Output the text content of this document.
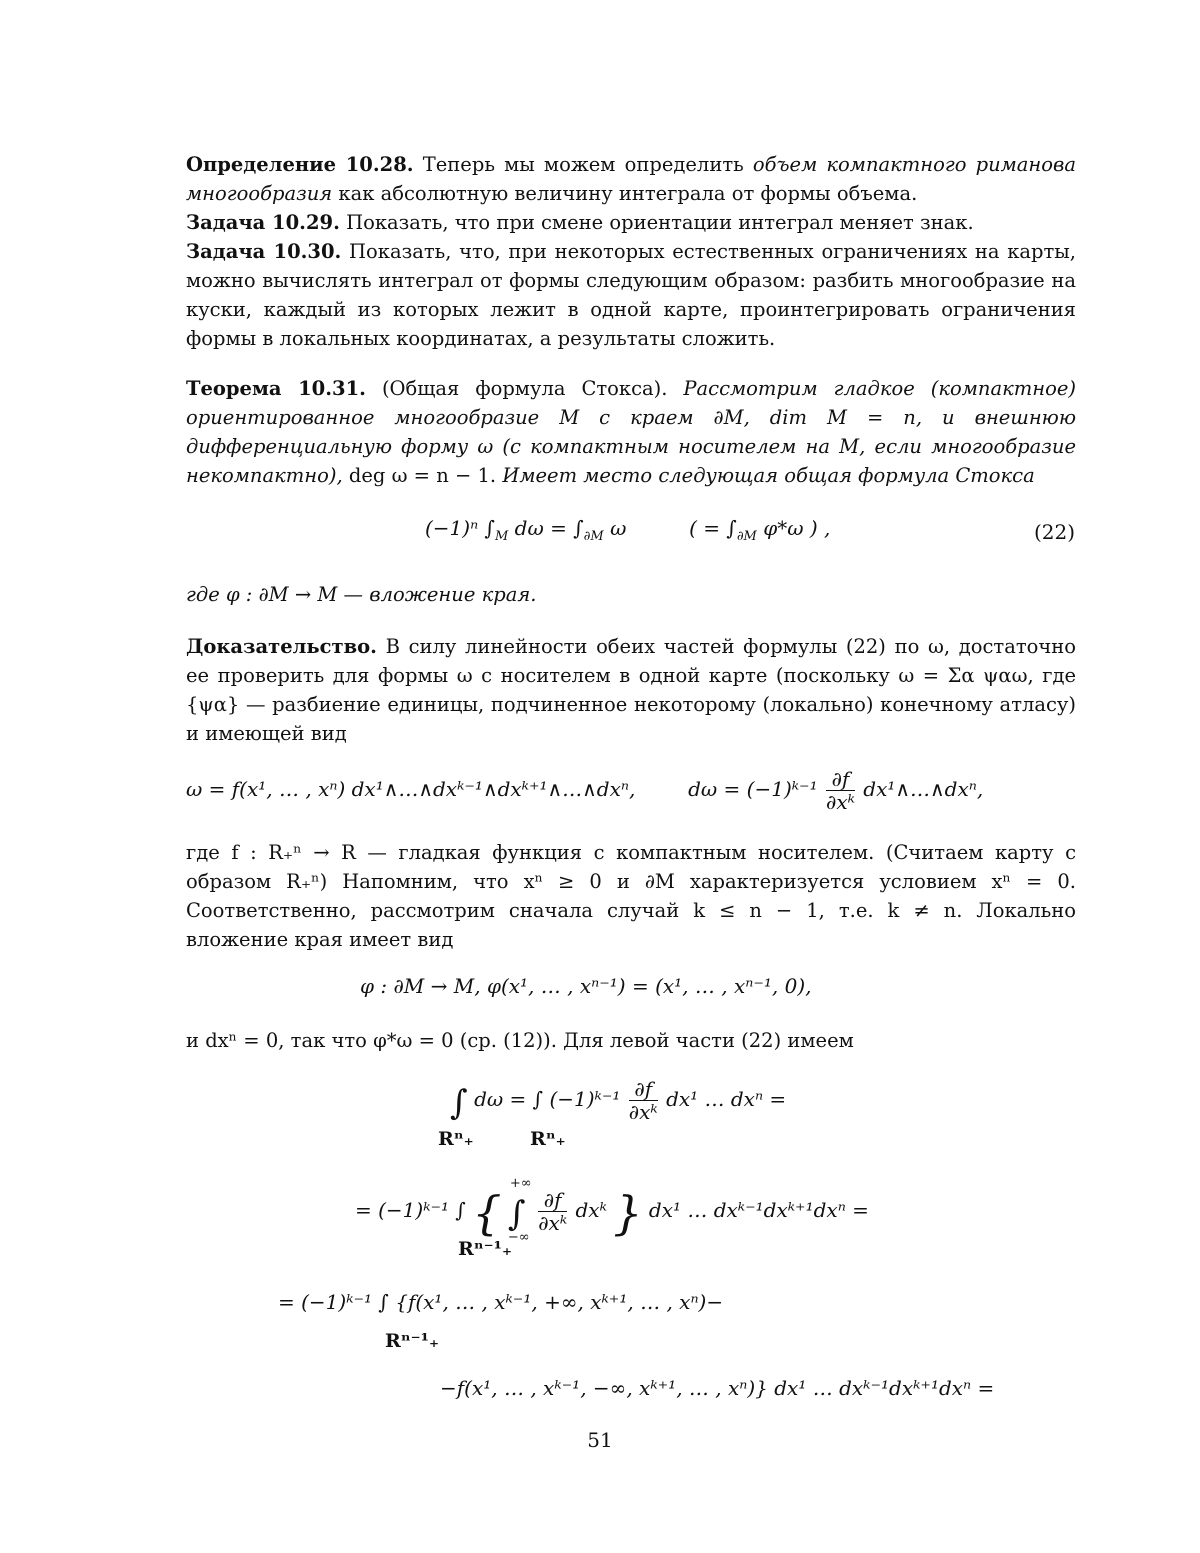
Определение 10.28. Теперь мы можем определить объем компактного риманова многообразия как абсолютную величину интеграла от формы объема.
Задача 10.29. Показать, что при смене ориентации интеграл меняет знак.
Задача 10.30. Показать, что, при некоторых естественных ограничениях на карты, можно вычислять интеграл от формы следующим образом: разбить многообразие на куски, каждый из которых лежит в одной карте, проинтегрировать ограничения формы в локальных координатах, а результаты сложить.
Теорема 10.31. (Общая формула Стокса). Рассмотрим гладкое (компактное) ориентированное многообразие M с краем ∂M, dim M = n, и внешнюю дифференциальную форму ω (с компактным носителем на M, если многообразие некомпактно), deg ω = n − 1. Имеет место следующая общая формула Стокса
(−1)ⁿ $\int_M$ $d\omega = \int_{\partial M}$ ω	( = $\int_{\partial M}$ φ*ω ) ,	(22)
где φ : ∂M → M — вложение края.
Доказательство. В силу линейности обеих частей формулы (22) по ω, достаточно ее проверить для формы ω с носителем в одной карте (поскольку ω = Σα ψαω, где {ψα} — разбиение единицы, подчиненное некоторому (локально) конечному атласу) и имеющей вид
ω = f(x¹, … , xⁿ) dx¹∧…∧dxᵏ⁻¹∧dxᵏ⁺¹∧…∧dxⁿ,	dω = (−1)ᵏ⁻¹ $\frac{\partial f}{\text{∂xᵏ}}$ dx¹∧…∧dxⁿ,
где f : R₊ⁿ → R — гладкая функция с компактным носителем. (Считаем карту с образом R₊ⁿ) Напомним, что xⁿ ≥ 0 и ∂M характеризуется условием xⁿ = 0. Соответственно, рассмотрим сначала случай k ≤ n − 1, т.е. k ≠ n. Локально вложение края имеет вид
φ : ∂M → M, φ(x¹, … , xⁿ⁻¹) = (x¹, … , xⁿ⁻¹, 0),
и dxⁿ = 0, так что φ*ω = 0 (ср. (12)). Для левой части (22) имеем
∫ dω = ∫ (−1)ᵏ⁻¹ $\frac{\partial f}{\text{∂xᵏ}} dx^1$ … dxⁿ =
Rⁿ₊	Rⁿ₊
= (−1)ᵏ⁻¹ ∫ { ∫
+∞
−∞

$\frac{\partial f}{\text{∂xᵏ}}$ dxᵏ } dx¹ … dxᵏ⁻¹dxᵏ⁺¹dxⁿ =
Rⁿ⁻¹₊
= (−1)ᵏ⁻¹ ∫ {f(x¹, … , xᵏ⁻¹, +∞, xᵏ⁺¹, … , xⁿ)−
Rⁿ⁻¹₊
−f(x¹, … , xᵏ⁻¹, −∞, xᵏ⁺¹, … , xⁿ)} dx¹ … dxᵏ⁻¹dxᵏ⁺¹dxⁿ =
51
